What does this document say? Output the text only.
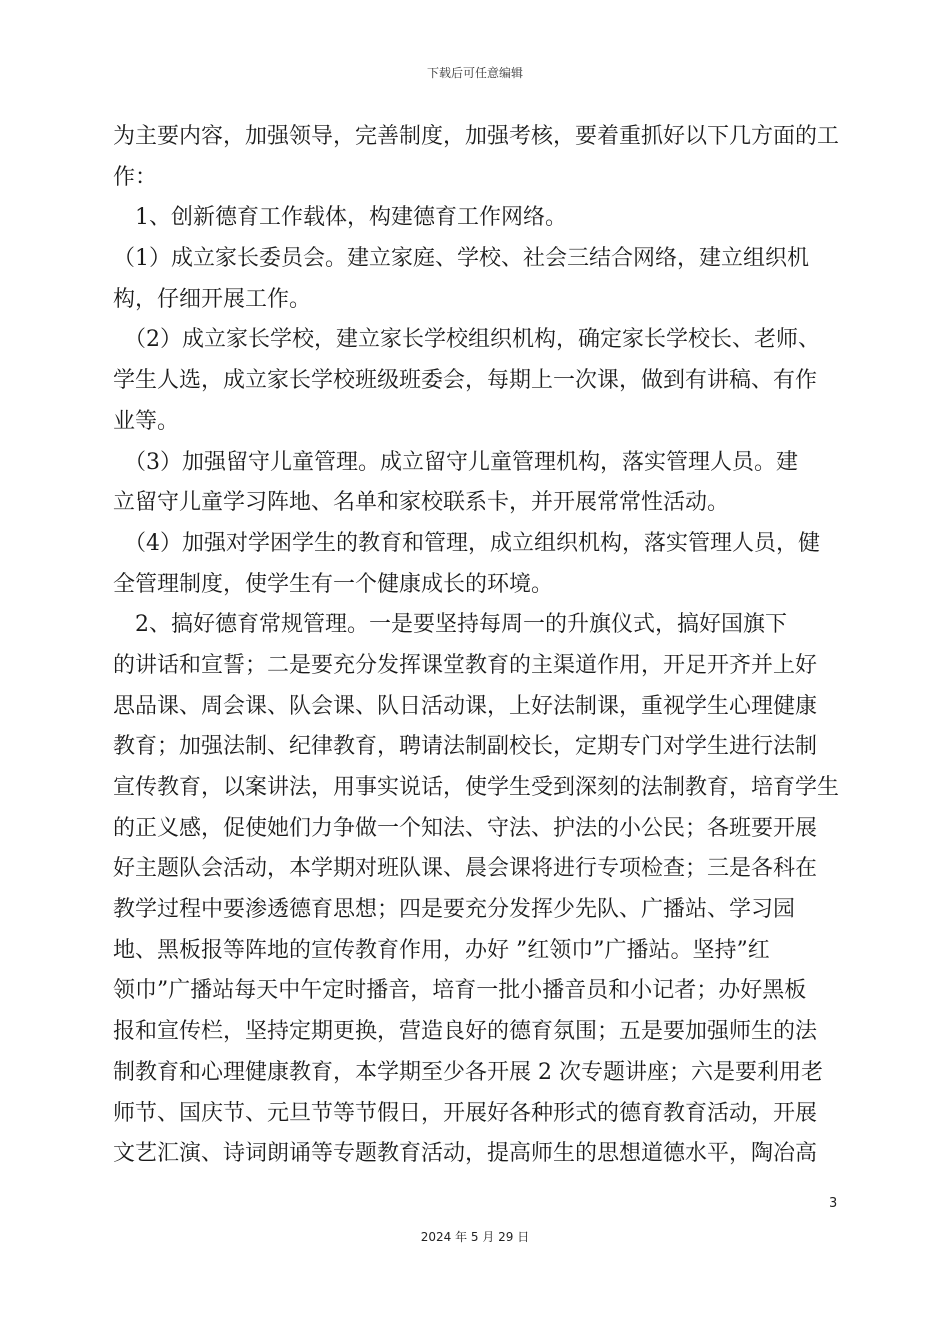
下载后可任意编辑
为主要内容，加强领导，完善制度，加强考核，要着重抓好以下几方面的工
作：
　1、创新德育工作载体，构建德育工作网络。
（1）成立家长委员会。建立家庭、学校、社会三结合网络，建立组织机
构，仔细开展工作。
　（2）成立家长学校，建立家长学校组织机构，确定家长学校长、老师、
学生人选，成立家长学校班级班委会，每期上一次课，做到有讲稿、有作
业等。
　（3）加强留守儿童管理。成立留守儿童管理机构，落实管理人员。建
立留守儿童学习阵地、名单和家校联系卡，并开展常常性活动。
　（4）加强对学困学生的教育和管理，成立组织机构，落实管理人员，健
全管理制度，使学生有一个健康成长的环境。
　2、搞好德育常规管理。一是要坚持每周一的升旗仪式，搞好国旗下
的讲话和宣誓；二是要充分发挥课堂教育的主渠道作用，开足开齐并上好
思品课、周会课、队会课、队日活动课，上好法制课，重视学生心理健康
教育；加强法制、纪律教育，聘请法制副校长，定期专门对学生进行法制
宣传教育，以案讲法，用事实说话，使学生受到深刻的法制教育，培育学生
的正义感，促使她们力争做一个知法、守法、护法的小公民；各班要开展
好主题队会活动，本学期对班队课、晨会课将进行专项检查；三是各科在
教学过程中要渗透德育思想；四是要充分发挥少先队、广播站、学习园
地、黑板报等阵地的宣传教育作用，办好 ”红领巾”广播站。坚持”红
领巾”广播站每天中午定时播音，培育一批小播音员和小记者；办好黑板
报和宣传栏，坚持定期更换，营造良好的德育氛围；五是要加强师生的法
制教育和心理健康教育，本学期至少各开展 2 次专题讲座；六是要利用老
师节、国庆节、元旦节等节假日，开展好各种形式的德育教育活动，开展
文艺汇演、诗词朗诵等专题教育活动，提高师生的思想道德水平，陶冶高
3
2024 年 5 月 29 日
